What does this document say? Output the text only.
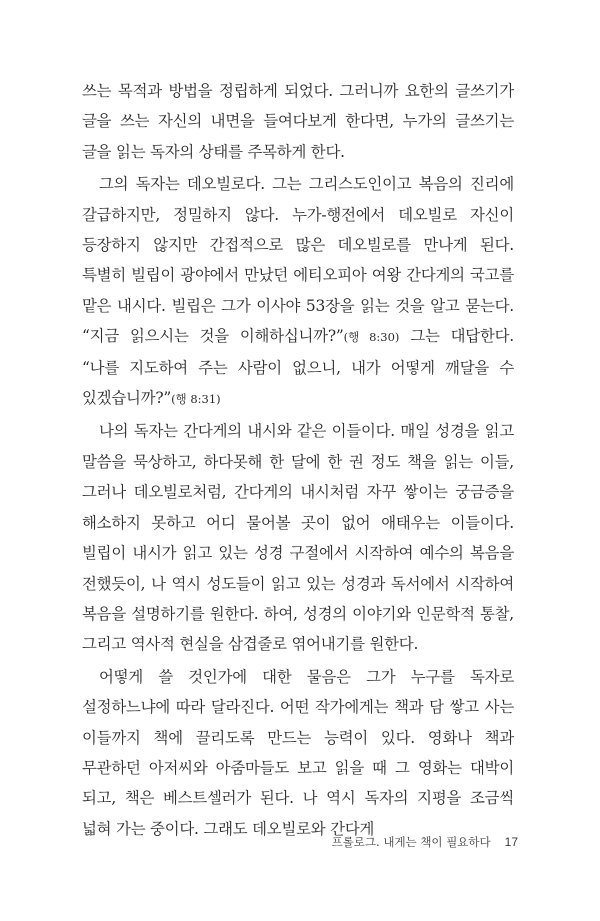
쓰는 목적과 방법을 정립하게 되었다. 그러니까 요한의 글쓰기가 글을 쓰는 자신의 내면을 들여다보게 한다면, 누가의 글쓰기는 글을 읽는 독자의 상태를 주목하게 한다.

그의 독자는 데오빌로다. 그는 그리스도인이고 복음의 진리에 갈급하지만, 정밀하지 않다. 누가-행전에서 데오빌로 자신이 등장하지 않지만 간접적으로 많은 데오빌로를 만나게 된다. 특별히 빌립이 광야에서 만났던 에티오피아 여왕 간다게의 국고를 맡은 내시다. 빌립은 그가 이사야 53장을 읽는 것을 알고 묻는다. “지금 읽으시는 것을 이해하십니까?”(행 8:30) 그는 대답한다. “나를 지도하여 주는 사람이 없으니, 내가 어떻게 깨달을 수 있겠습니까?”(행 8:31)

나의 독자는 간다게의 내시와 같은 이들이다. 매일 성경을 읽고 말씀을 묵상하고, 하다못해 한 달에 한 권 정도 책을 읽는 이들, 그러나 데오빌로처럼, 간다게의 내시처럼 자꾸 쌓이는 궁금증을 해소하지 못하고 어디 물어볼 곳이 없어 애태우는 이들이다. 빌립이 내시가 읽고 있는 성경 구절에서 시작하여 예수의 복음을 전했듯이, 나 역시 성도들이 읽고 있는 성경과 독서에서 시작하여 복음을 설명하기를 원한다. 하여, 성경의 이야기와 인문학적 통찰, 그리고 역사적 현실을 삼겹줄로 엮어내기를 원한다.

어떻게 쓸 것인가에 대한 물음은 그가 누구를 독자로 설정하느냐에 따라 달라진다. 어떤 작가에게는 책과 담 쌓고 사는 이들까지 책에 끌리도록 만드는 능력이 있다. 영화나 책과 무관하던 아저씨와 아줌마들도 보고 읽을 때 그 영화는 대박이 되고, 책은 베스트셀러가 된다. 나 역시 독자의 지평을 조금씩 넓혀 가는 중이다. 그래도 데오빌로와 간다게

프롤로그. 내게는 책이 필요하다 17
